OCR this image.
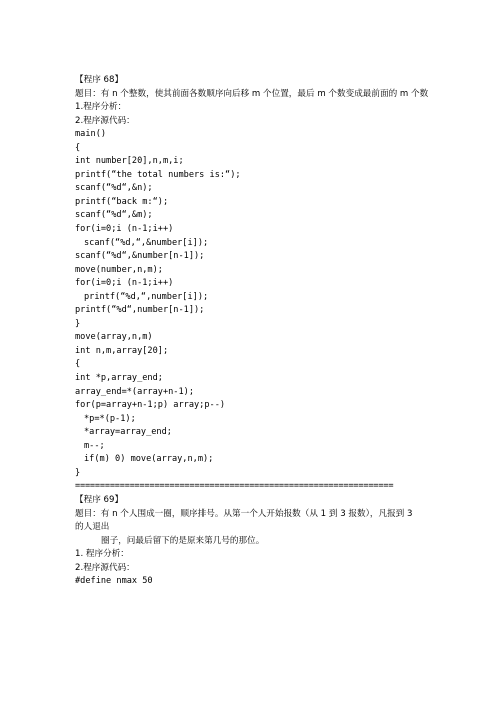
【程序 68】
题目：有 n 个整数，使其前面各数顺序向后移 m 个位置，最后 m 个数变成最前面的 m 个数
1.程序分析：
2.程序源代码：
main()
{
int number[20],n,m,i;
printf(“the total numbers is:“);
scanf(“%d“,&n);
printf(“back m:“);
scanf(“%d“,&m);
for(i=0;i (n-1;i++)
scanf(“%d,“,&number[i]);
scanf(“%d“,&number[n-1]);
move(number,n,m);
for(i=0;i (n-1;i++)
printf(“%d,“,number[i]);
printf(“%d“,number[n-1]);
}
move(array,n,m)
int n,m,array[20];
{
int *p,array_end;
array_end=*(array+n-1);
for(p=array+n-1;p) array;p--)
*p=*(p-1);
*array=array_end;
m--;
if(m) 0) move(array,n,m);
}
================================================================
【程序 69】
题目：有 n 个人围成一圈，顺序排号。从第一个人开始报数（从 1 到 3 报数），凡报到 3
的人退出
圈子，问最后留下的是原来第几号的那位。
1. 程序分析：
2.程序源代码：
#define nmax 50
